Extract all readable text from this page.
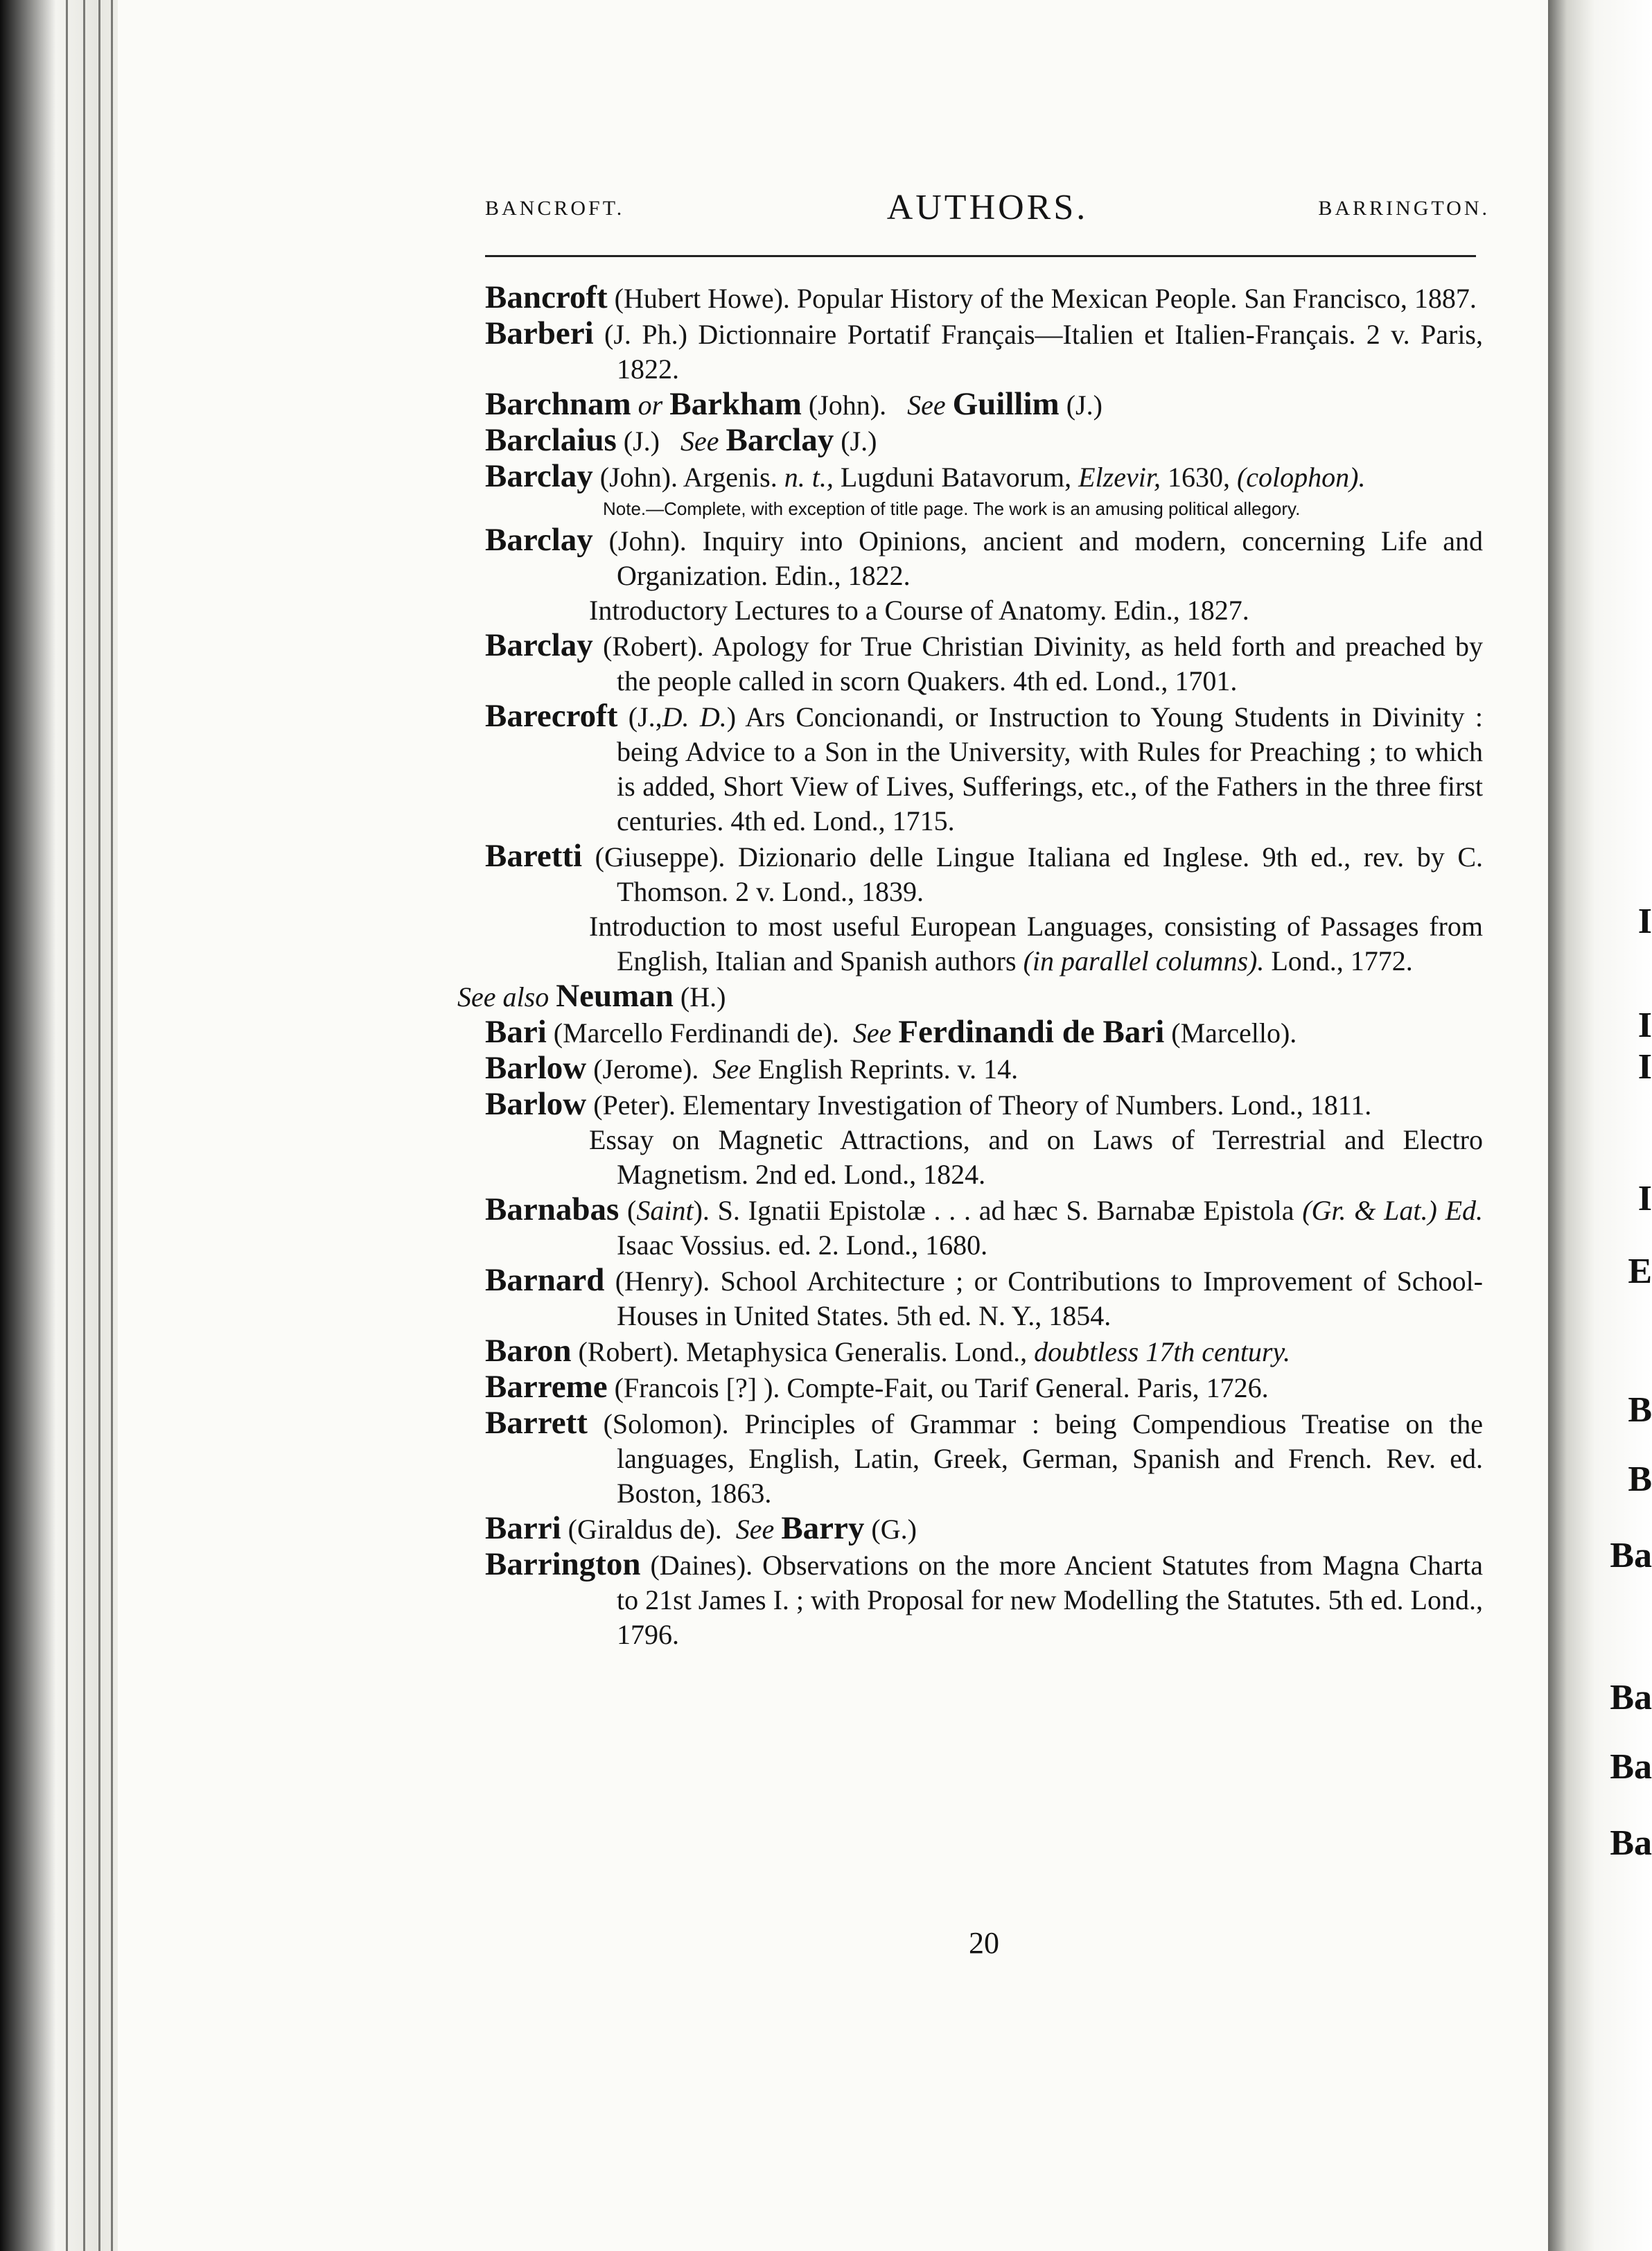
I
I
I
I
E
B
B
Ba
Ba
Ba
Ba
BANCROFT.	AUTHORS.	BARRINGTON.
Bancroft (Hubert Howe). Popular History of the Mexican People. San Francisco, 1887.
Barberi (J. Ph.) Dictionnaire Portatif Français—Italien et Italien-Français. 2 v. Paris, 1822.
Barchnam or Barkham (John). See Guillim (J.)
Barclaius (J.) See Barclay (J.)
Barclay (John). Argenis. n. t., Lugduni Batavorum, Elzevir, 1630, (colophon).
Note.—Complete, with exception of title page. The work is an amusing political allegory.
Barclay (John). Inquiry into Opinions, ancient and modern, concerning Life and Organization. Edin., 1822.
Introductory Lectures to a Course of Anatomy. Edin., 1827.
Barclay (Robert). Apology for True Christian Divinity, as held forth and preached by the people called in scorn Quakers. 4th ed. Lond., 1701.
Barecroft (J.,D. D.) Ars Concionandi, or Instruction to Young Students in Divinity : being Advice to a Son in the University, with Rules for Preaching ; to which is added, Short View of Lives, Sufferings, etc., of the Fathers in the three first centuries. 4th ed. Lond., 1715.
Baretti (Giuseppe). Dizionario delle Lingue Italiana ed Inglese. 9th ed., rev. by C. Thomson. 2 v. Lond., 1839.
Introduction to most useful European Languages, consisting of Passages from English, Italian and Spanish authors (in parallel columns). Lond., 1772.
See also Neuman (H.)
Bari (Marcello Ferdinandi de). See Ferdinandi de Bari (Marcello).
Barlow (Jerome). See English Reprints. v. 14.
Barlow (Peter). Elementary Investigation of Theory of Numbers. Lond., 1811.
Essay on Magnetic Attractions, and on Laws of Terrestrial and Electro Magnetism. 2nd ed. Lond., 1824.
Barnabas (Saint). S. Ignatii Epistolæ . . . ad hæc S. Barnabæ Epistola (Gr. & Lat.) Ed. Isaac Vossius. ed. 2. Lond., 1680.
Barnard (Henry). School Architecture ; or Contributions to Improvement of School-Houses in United States. 5th ed. N. Y., 1854.
Baron (Robert). Metaphysica Generalis. Lond., doubtless 17th century.
Barreme (Francois [?] ). Compte-Fait, ou Tarif General. Paris, 1726.
Barrett (Solomon). Principles of Grammar : being Compendious Treatise on the languages, English, Latin, Greek, German, Spanish and French. Rev. ed. Boston, 1863.
Barri (Giraldus de). See Barry (G.)
Barrington (Daines). Observations on the more Ancient Statutes from Magna Charta to 21st James I. ; with Proposal for new Modelling the Statutes. 5th ed. Lond., 1796.
20
